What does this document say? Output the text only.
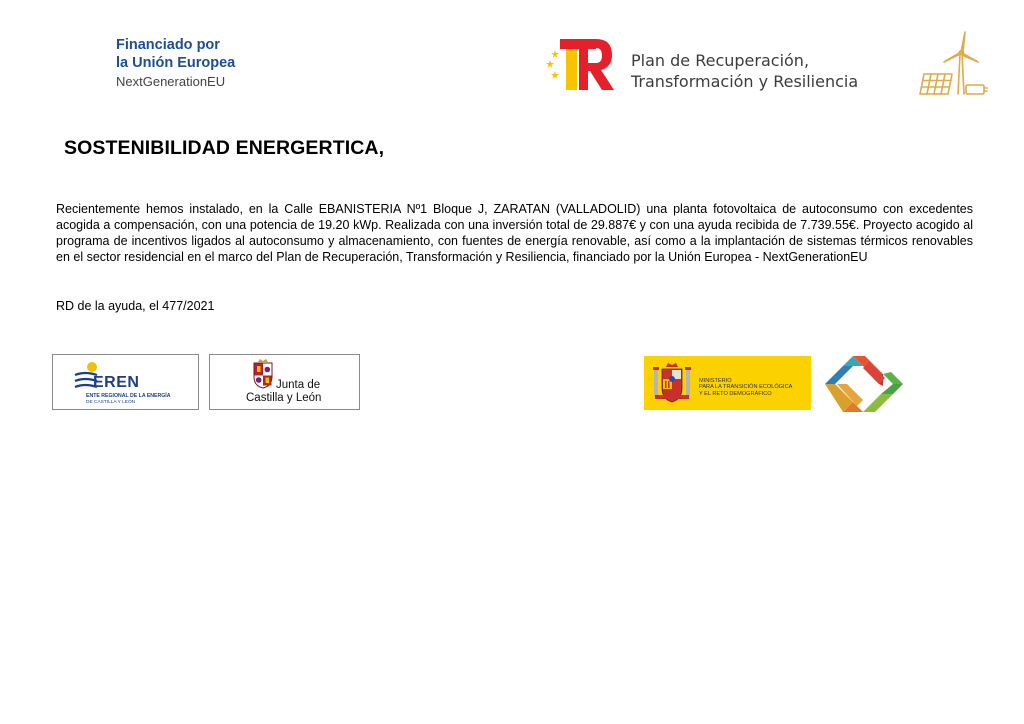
Financiado por
la Unión Europea
NextGenerationEU
Plan de Recuperación,
Transformación y Resiliencia
SOSTENIBILIDAD ENERGERTICA,
Recientemente hemos instalado, en la Calle EBANISTERIA Nº1 Bloque J, ZARATAN (VALLADOLID) una planta fotovoltaica de autoconsumo con excedentes acogida a compensación, con una potencia de 19.20 kWp. Realizada con una inversión total de 29.887€ y con una ayuda recibida de 7.739.55€. Proyecto acogido al programa de incentivos ligados al autoconsumo y almacenamiento, con fuentes de energía renovable, así como a la implantación de sistemas térmicos renovables en el sector residencial en el marco del Plan de Recuperación, Transformación y Resiliencia, financiado por la Unión Europea - NextGenerationEU
RD de la ayuda, el 477/2021
EREN
ENTE REGIONAL DE LA ENERGÍA
DE CASTILLA Y LEÓN
Junta de
Castilla y León
MINISTERIO
PARA LA TRANSICIÓN ECOLÓGICA
Y EL RETO DEMOGRÁFICO
